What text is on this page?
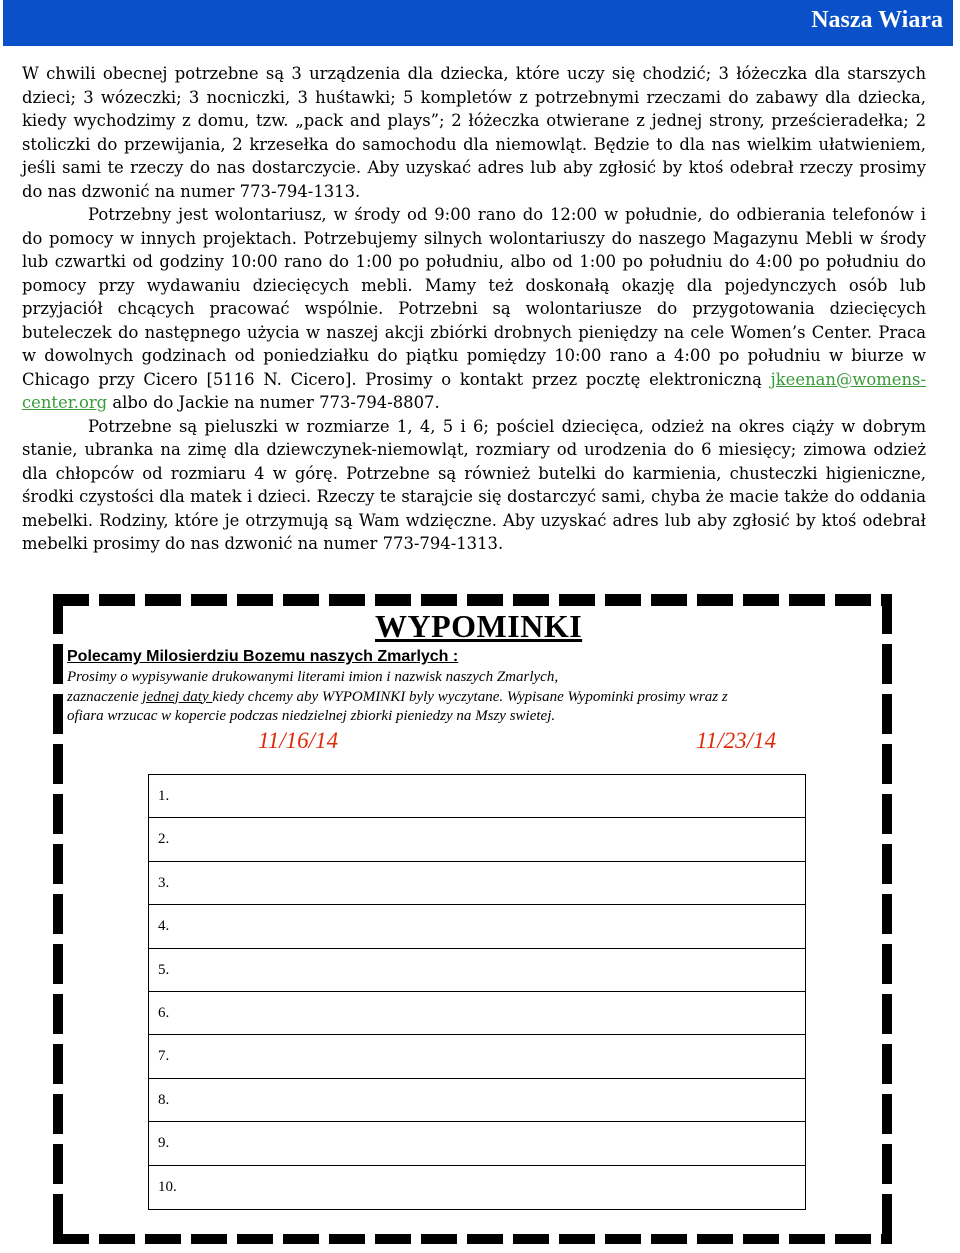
Nasza Wiara

W chwili obecnej potrzebne są 3 urządzenia dla dziecka, które uczy się chodzić; 3 łóżeczka dla starszych dzieci; 3 wózeczki; 3 nocniczki, 3 huśtawki; 5 kompletów z potrzebnymi rzeczami do zabawy dla dziecka, kiedy wychodzimy z domu, tzw. „pack and plays”; 2 łóżeczka otwierane z jednej strony, prześcieradełka; 2 stoliczki do przewijania, 2 krzesełka do samochodu dla niemowląt. Będzie to dla nas wielkim ułatwieniem, jeśli sami te rzeczy do nas dostarczycie. Aby uzyskać adres lub aby zgłosić by ktoś odebrał rzeczy prosimy do nas dzwonić na numer 773-794-1313.

Potrzebny jest wolontariusz, w środy od 9:00 rano do 12:00 w południe, do odbierania telefonów i do pomocy w innych projektach. Potrzebujemy silnych wolontariuszy do naszego Magazynu Mebli w środy lub czwartki od godziny 10:00 rano do 1:00 po południu, albo od 1:00 po południu do 4:00 po południu do pomocy przy wydawaniu dziecięcych mebli. Mamy też doskonałą okazję dla pojedynczych osób lub przyjaciół chcących pracować wspólnie. Potrzebni są wolontariusze do przygotowania dziecięcych buteleczek do następnego użycia w naszej akcji zbiórki drobnych pieniędzy na cele Women’s Center. Praca w dowolnych godzinach od poniedziałku do piątku pomiędzy 10:00 rano a 4:00 po południu w biurze w Chicago przy Cicero [5116 N. Cicero]. Prosimy o kontakt przez pocztę elektroniczną jkeenan@womens-center.org albo do Jackie na numer 773-794-8807.

Potrzebne są pieluszki w rozmiarze 1, 4, 5 i 6; pościel dziecięca, odzież na okres ciąży w dobrym stanie, ubranka na zimę dla dziewczynek-niemowląt, rozmiary od urodzenia do 6 miesięcy; zimowa odzież dla chłopców od rozmiaru 4 w górę. Potrzebne są również butelki do karmienia, chusteczki higieniczne, środki czystości dla matek i dzieci. Rzeczy te starajcie się dostarczyć sami, chyba że macie także do oddania mebelki. Rodziny, które je otrzymują są Wam wdzięczne. Aby uzyskać adres lub aby zgłosić by ktoś odebrał mebelki prosimy do nas dzwonić na numer 773-794-1313.

WYPOMINKI
Polecamy Milosierdziu Bozemu naszych Zmarlych :
Prosimy o wypisywanie drukowanymi literami imion i nazwisk naszych Zmarlych,
zaznaczenie jednej daty kiedy chcemy aby WYPOMINKI byly wyczytane. Wypisane Wypominki prosimy wraz z
ofiara wrzucac w kopercie podczas niedzielnej zbiorki pieniedzy na Mszy swietej.
11/16/14	11/23/14
1.
2.
3.
4.
5.
6.
7.
8.
9.
10.
